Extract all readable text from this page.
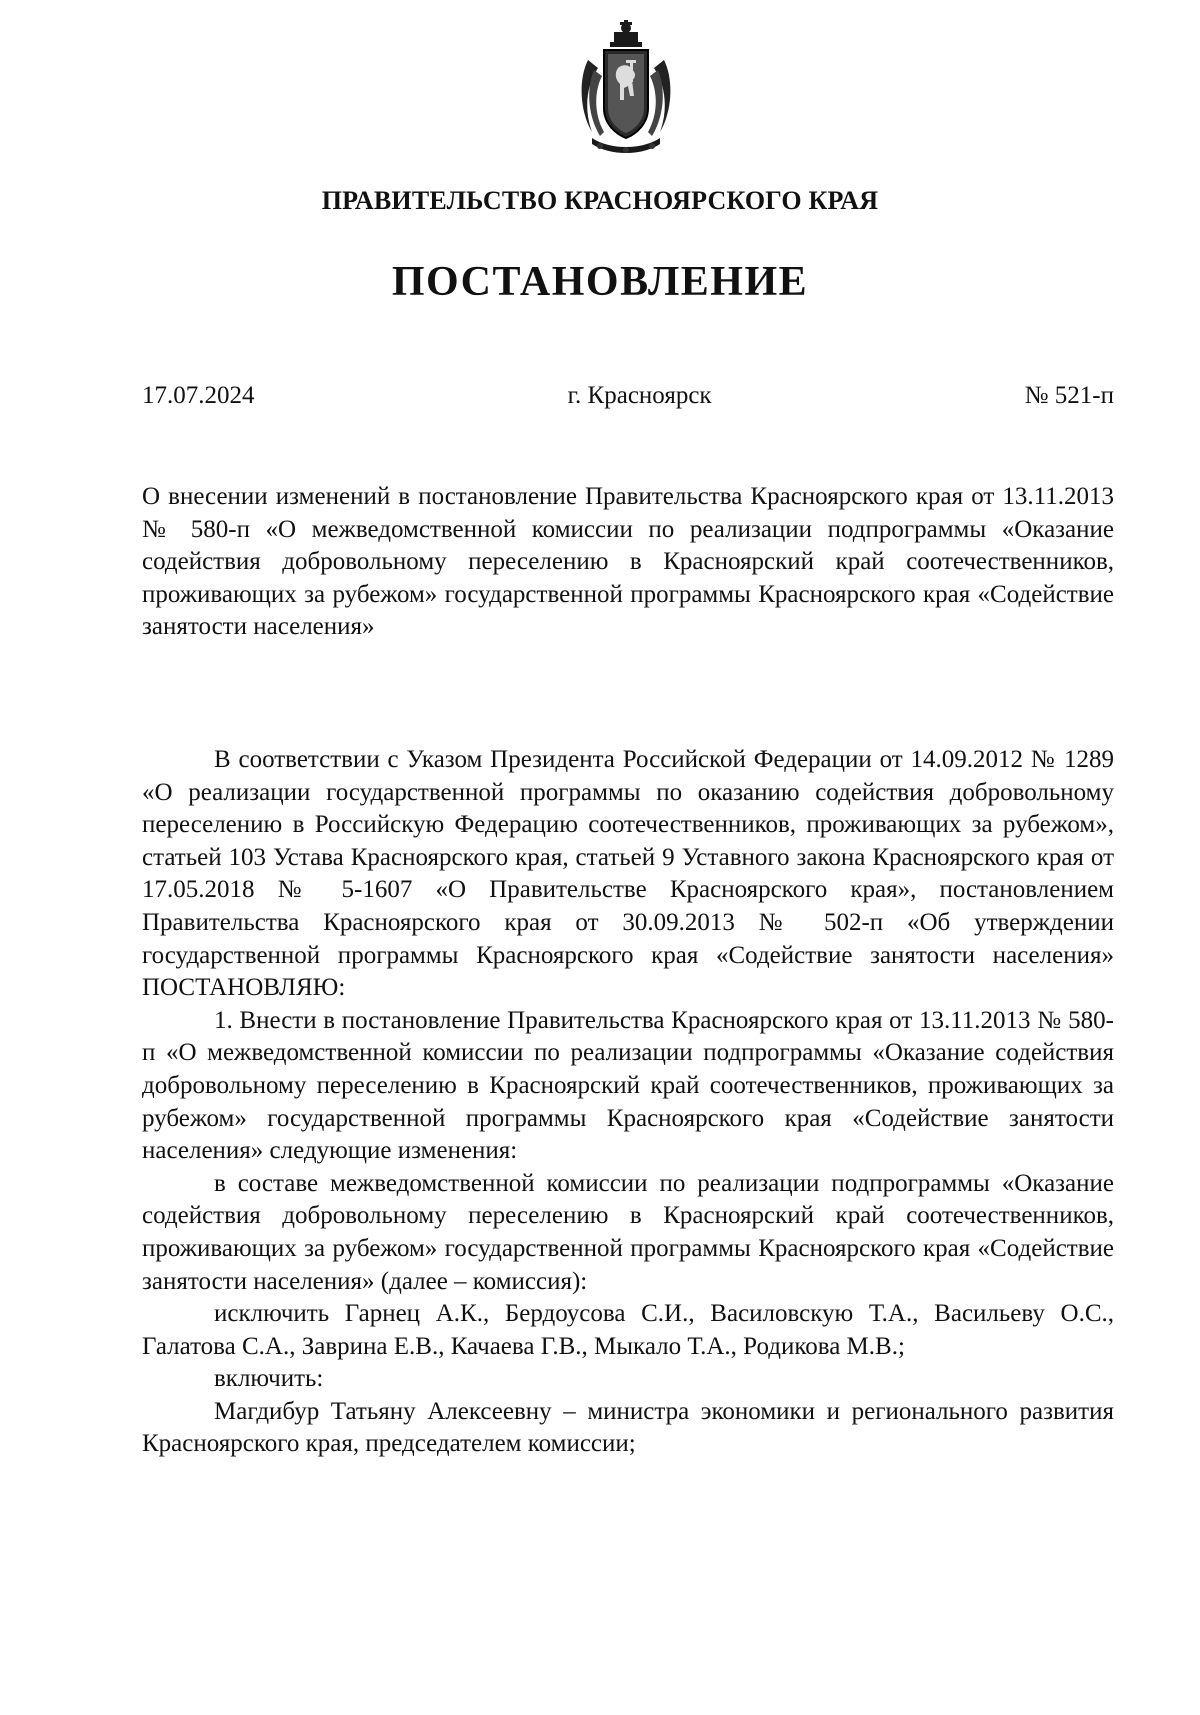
ПРАВИТЕЛЬСТВО КРАСНОЯРСКОГО КРАЯ
ПОСТАНОВЛЕНИЕ
17.07.2024	г. Красноярск	№ 521-п
О внесении изменений в постановление Правительства Красноярского края от 13.11.2013 № 580-п «О межведомственной комиссии по реализации подпрограммы «Оказание содействия добровольному переселению в Красноярский край соотечественников, проживающих за рубежом» государственной программы Красноярского края «Содействие занятости населения»

В соответствии с Указом Президента Российской Федерации от 14.09.2012 № 1289 «О реализации государственной программы по оказанию содействия добровольному переселению в Российскую Федерацию соотечественников, проживающих за рубежом», статьей 103 Устава Красноярского края, статьей 9 Уставного закона Красноярского края от 17.05.2018 № 5-1607 «О Правительстве Красноярского края», постановлением Правительства Красноярского края от 30.09.2013 № 502-п «Об утверждении государственной программы Красноярского края «Содействие занятости населения» ПОСТАНОВЛЯЮ:

1. Внести в постановление Правительства Красноярского края от 13.11.2013 № 580-п «О межведомственной комиссии по реализации подпрограммы «Оказание содействия добровольному переселению в Красноярский край соотечественников, проживающих за рубежом» государственной программы Красноярского края «Содействие занятости населения» следующие изменения:

в составе межведомственной комиссии по реализации подпрограммы «Оказание содействия добровольному переселению в Красноярский край соотечественников, проживающих за рубежом» государственной программы Красноярского края «Содействие занятости населения» (далее – комиссия):

исключить Гарнец А.К., Бердоусова С.И., Василовскую Т.А., Васильеву О.С., Галатова С.А., Заврина Е.В., Качаева Г.В., Мыкало Т.А., Родикова М.В.;

включить:

Магдибур Татьяну Алексеевну – министра экономики и регионального развития Красноярского края, председателем комиссии;
